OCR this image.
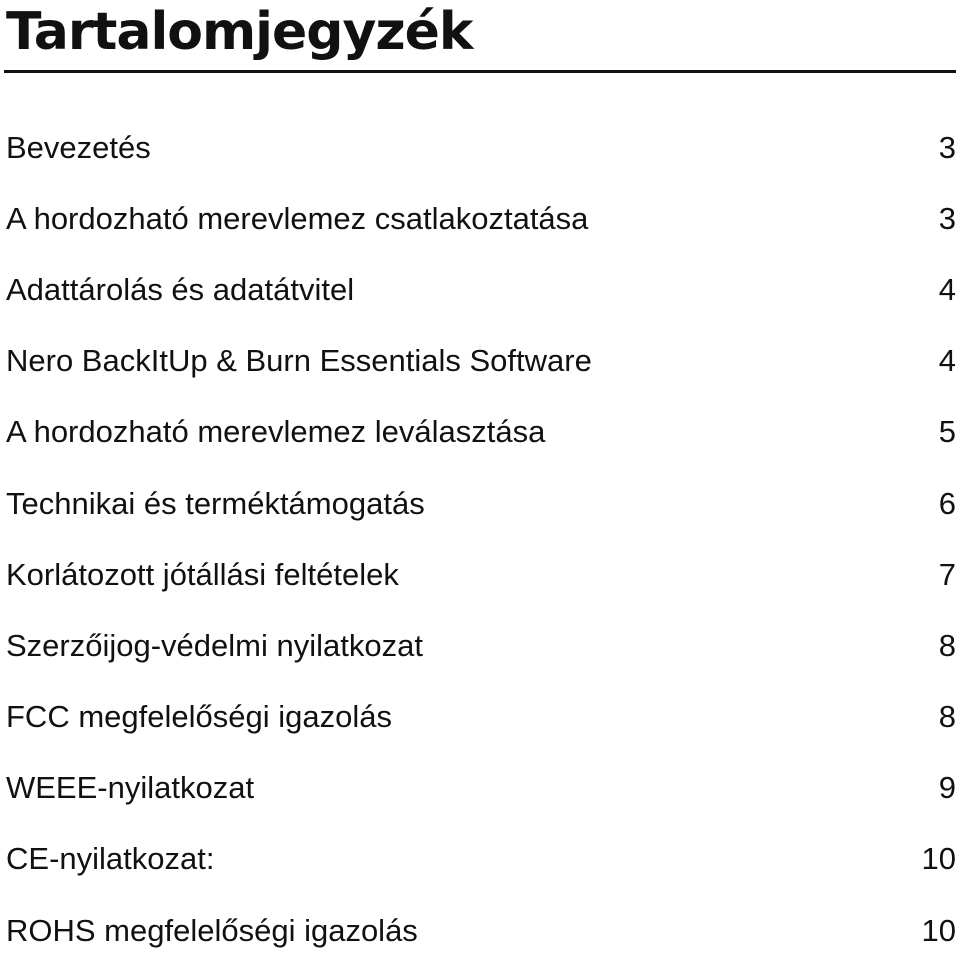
Tartalomjegyzék
Bevezetés	3
A hordozható merevlemez csatlakoztatása	3
Adattárolás és adatátvitel	4
Nero BackItUp & Burn Essentials Software	4
A hordozható merevlemez leválasztása	5
Technikai és terméktámogatás	6
Korlátozott jótállási feltételek	7
Szerzőijog-védelmi nyilatkozat	8
FCC megfelelőségi igazolás	8
WEEE-nyilatkozat	9
CE-nyilatkozat:	10
ROHS megfelelőségi igazolás	10
